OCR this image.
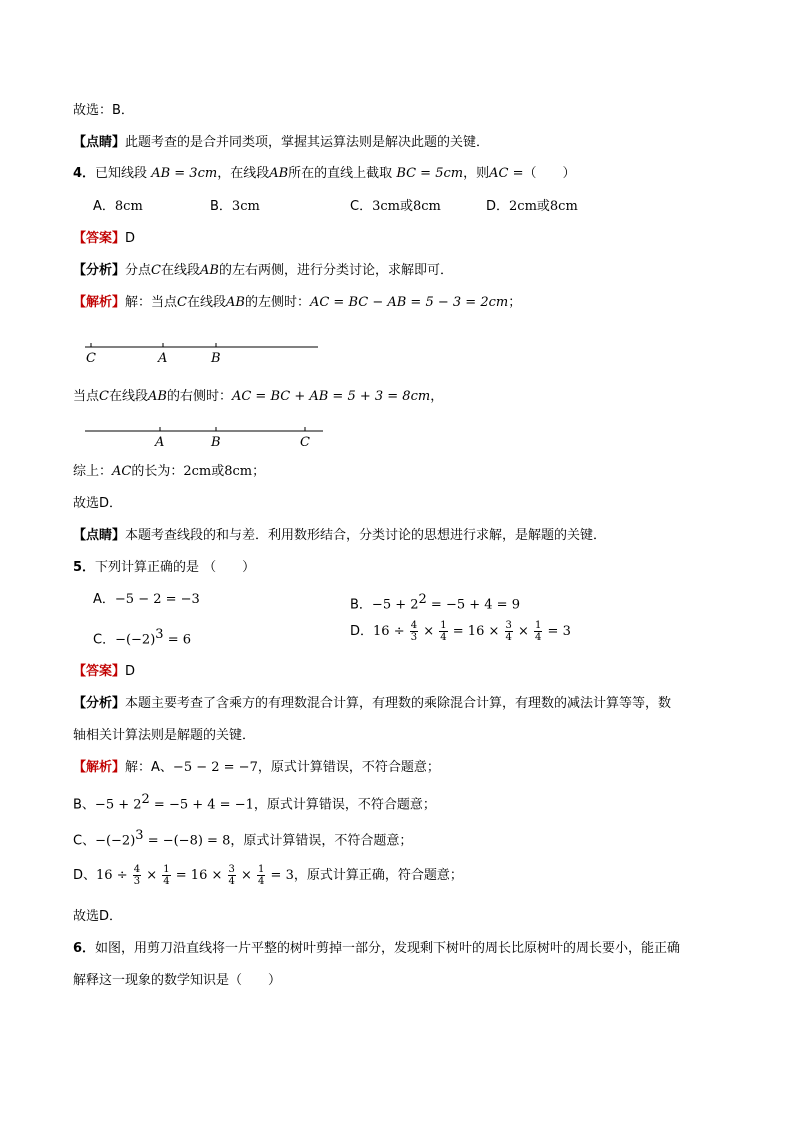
故选：B．
【点睛】此题考查的是合并同类项，掌握其运算法则是解决此题的关键．
4．已知线段 AB = 3cm，在线段AB所在的直线上截取 BC = 5cm，则AC =（　　）
A．8cm	B．3cm	C．3cm或8cm	D．2cm或8cm
【答案】D
【分析】分点C在线段AB的左右两侧，进行分类讨论，求解即可．
【解析】解：当点C在线段AB的左侧时：AC = BC − AB = 5 − 3 = 2cm；
C	A	B
当点C在线段AB的右侧时：AC = BC + AB = 5 + 3 = 8cm，
A	B	C
综上：AC的长为：2cm或8cm；
故选D．
【点睛】本题考查线段的和与差．利用数形结合，分类讨论的思想进行求解，是解题的关键．
5．下列计算正确的是 （　　）
A．−5 − 2 = −3	B．$-5 + 2^2 = -5 + 4 = 9$
C．$-(-2)^3 = 6$
D．$16 \div \frac{4}{3} \times \frac{1}{4} = 16 \times \frac{3}{4} \times \frac{1}{4} = 3$
【答案】D
【分析】本题主要考查了含乘方的有理数混合计算，有理数的乘除混合计算，有理数的减法计算等等，数
轴相关计算法则是解题的关键．
【解析】解：A、−5 − 2 = −7，原式计算错误，不符合题意；
B、$-5 + 2^2 = -5 + 4 = -1$，原式计算错误，不符合题意；
C、$-(-2)^3 = -(-8) = 8$，原式计算错误，不符合题意；
D、$16 \div \frac{4}{3} \times \frac{1}{4} = 16 \times \frac{3}{4} \times \frac{1}{4} = 3$，原式计算正确，符合题意；
故选D．
6．如图，用剪刀沿直线将一片平整的树叶剪掉一部分，发现剩下树叶的周长比原树叶的周长要小，能正确
解释这一现象的数学知识是（　　）
